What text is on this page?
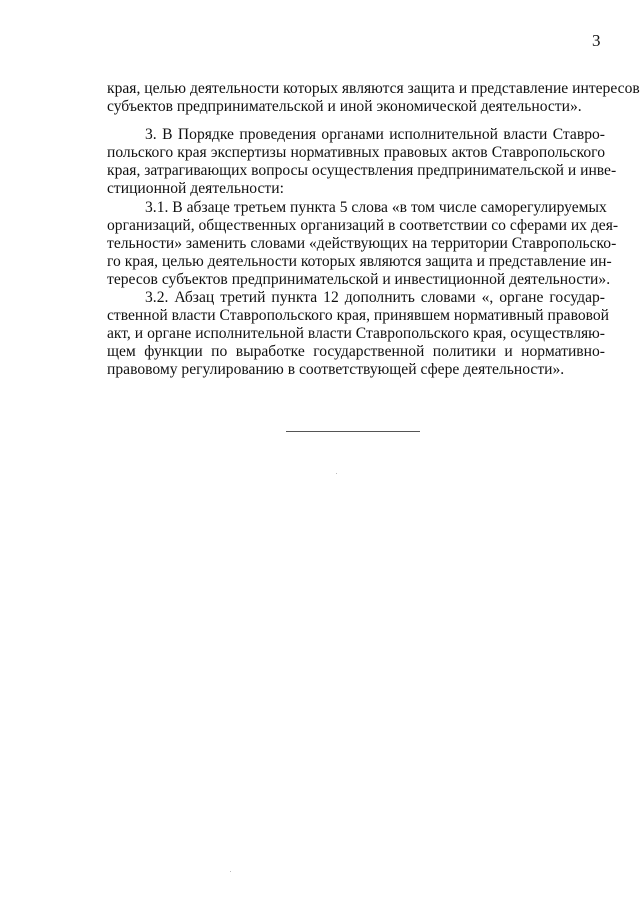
3
края, целью деятельности которых являются защита и представление интересов
субъектов предпринимательской и иной экономической деятельности».
3. В Порядке проведения органами исполнительной власти Ставро-
польского края экспертизы нормативных правовых актов Ставропольского
края, затрагивающих вопросы осуществления предпринимательской и инве-
стиционной деятельности:
3.1. В абзаце третьем пункта 5 слова «в том числе саморегулируемых
организаций, общественных организаций в соответствии со сферами их дея-
тельности» заменить словами «действующих на территории Ставропольско-
го края, целью деятельности которых являются защита и представление ин-
тересов субъектов предпринимательской и инвестиционной деятельности».
3.2. Абзац третий пункта 12 дополнить словами «, органе государ-
ственной власти Ставропольского края, принявшем нормативный правовой
акт, и органе исполнительной власти Ставропольского края, осуществляю-
щем функции по выработке государственной политики и нормативно-
правовому регулированию в соответствующей сфере деятельности».
